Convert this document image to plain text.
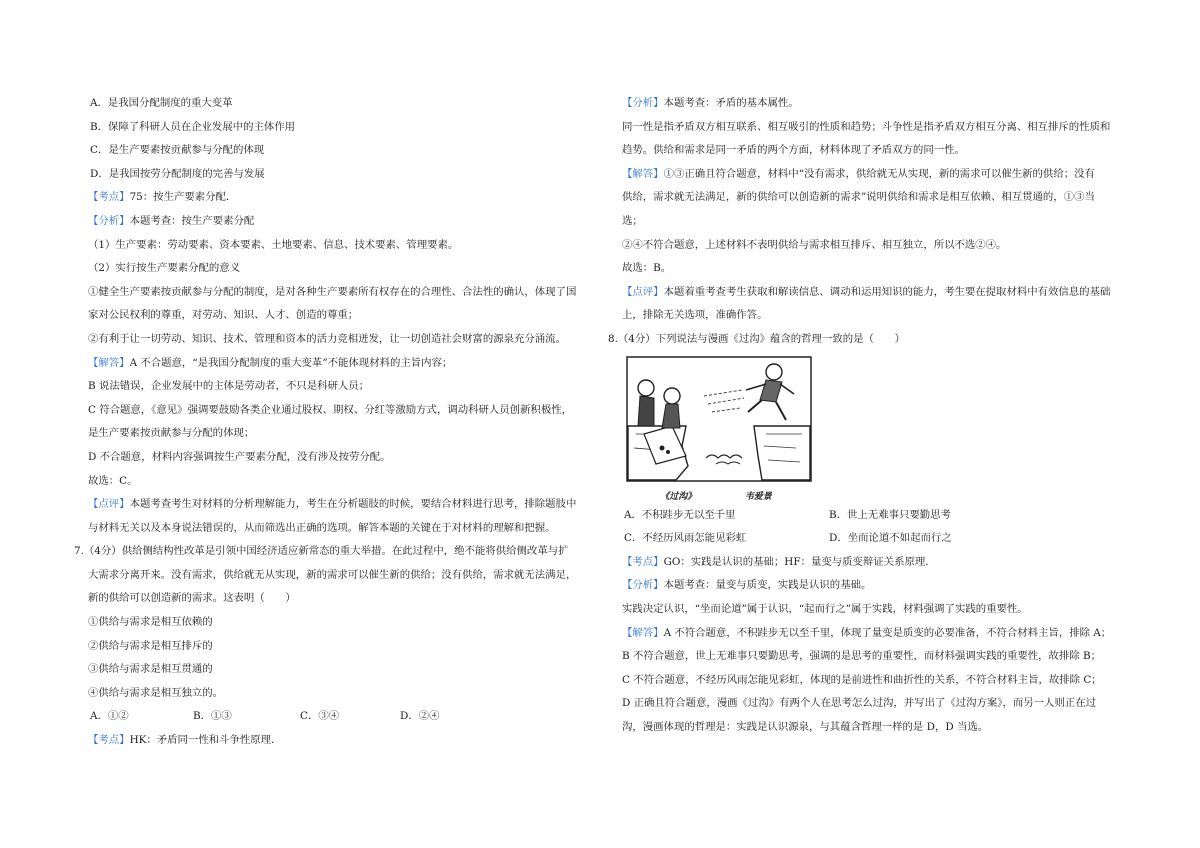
A．是我国分配制度的重大变革
B．保障了科研人员在企业发展中的主体作用
C．是生产要素按贡献参与分配的体现
D．是我国按劳分配制度的完善与发展
【考点】75：按生产要素分配．
【分析】本题考查：按生产要素分配
（1）生产要素：劳动要素、资本要素、土地要素、信息、技术要素、管理要素。
（2）实行按生产要素分配的意义
①健全生产要素按贡献参与分配的制度，是对各种生产要素所有权存在的合理性、合法性的确认，体现了国
家对公民权利的尊重，对劳动、知识、人才、创造的尊重；
②有利于让一切劳动、知识、技术、管理和资本的活力竞相迸发，让一切创造社会财富的源泉充分涌流。
【解答】A 不合题意，“是我国分配制度的重大变革”不能体现材料的主旨内容；
B 说法错误，企业发展中的主体是劳动者，不只是科研人员；
C 符合题意，《意见》强调要鼓励各类企业通过股权、期权、分红等激励方式，调动科研人员创新积极性，
是生产要素按贡献参与分配的体现；
D 不合题意，材料内容强调按生产要素分配，没有涉及按劳分配。
故选：C。
【点评】本题考查考生对材料的分析理解能力，考生在分析题肢的时候，要结合材料进行思考，排除题肢中
与材料无关以及本身说法错误的，从而筛选出正确的选项。解答本题的关键在于对材料的理解和把握。
7.（4分）供给侧结构性改革是引领中国经济适应新常态的重大举措。在此过程中，绝不能将供给侧改革与扩
大需求分离开来。没有需求，供给就无从实现，新的需求可以催生新的供给；没有供给，需求就无法满足，
新的供给可以创造新的需求。这表明（　　）
①供给与需求是相互依赖的
②供给与需求是相互排斥的
③供给与需求是相互贯通的
④供给与需求是相互独立的。
A．①②	B．①③	C．③④	D．②④
【考点】HK：矛盾同一性和斗争性原理．
【分析】本题考查：矛盾的基本属性。
同一性是指矛盾双方相互联系、相互吸引的性质和趋势；斗争性是指矛盾双方相互分离、相互排斥的性质和
趋势。供给和需求是同一矛盾的两个方面，材料体现了矛盾双方的同一性。
【解答】①③正确且符合题意，材料中“没有需求，供给就无从实现，新的需求可以催生新的供给；没有
供给，需求就无法满足，新的供给可以创造新的需求”说明供给和需求是相互依赖、相互贯通的，①③当
选；
②④不符合题意，上述材料不表明供给与需求相互排斥、相互独立，所以不选②④。
故选：B。
【点评】本题着重考查考生获取和解读信息、调动和运用知识的能力，考生要在提取材料中有效信息的基础
上，排除无关选项，准确作答。
8.（4分）下列说法与漫画《过沟》蕴含的哲理一致的是（　　）
《过沟》	韦爱景
A．不积跬步无以至千里	B．世上无难事只要勤思考
C．不经历风雨怎能见彩虹	D．坐而论道不如起而行之
【考点】GO：实践是认识的基础；HF：量变与质变辩证关系原理．
【分析】本题考查：量变与质变，实践是认识的基础。
实践决定认识，“坐而论道”属于认识，“起而行之”属于实践，材料强调了实践的重要性。
【解答】A 不符合题意，不积跬步无以至千里，体现了量变是质变的必要准备，不符合材料主旨，排除 A；
B 不符合题意，世上无难事只要勤思考，强调的是思考的重要性，而材料强调实践的重要性，故排除 B；
C 不符合题意，不经历风雨怎能见彩虹，体现的是前进性和曲折性的关系，不符合材料主旨，故排除 C；
D 正确且符合题意，漫画《过沟》有两个人在思考怎么过沟，并写出了《过沟方案》，而另一人则正在过
沟，漫画体现的哲理是：实践是认识源泉，与其蕴含哲理一样的是 D，D 当选。
